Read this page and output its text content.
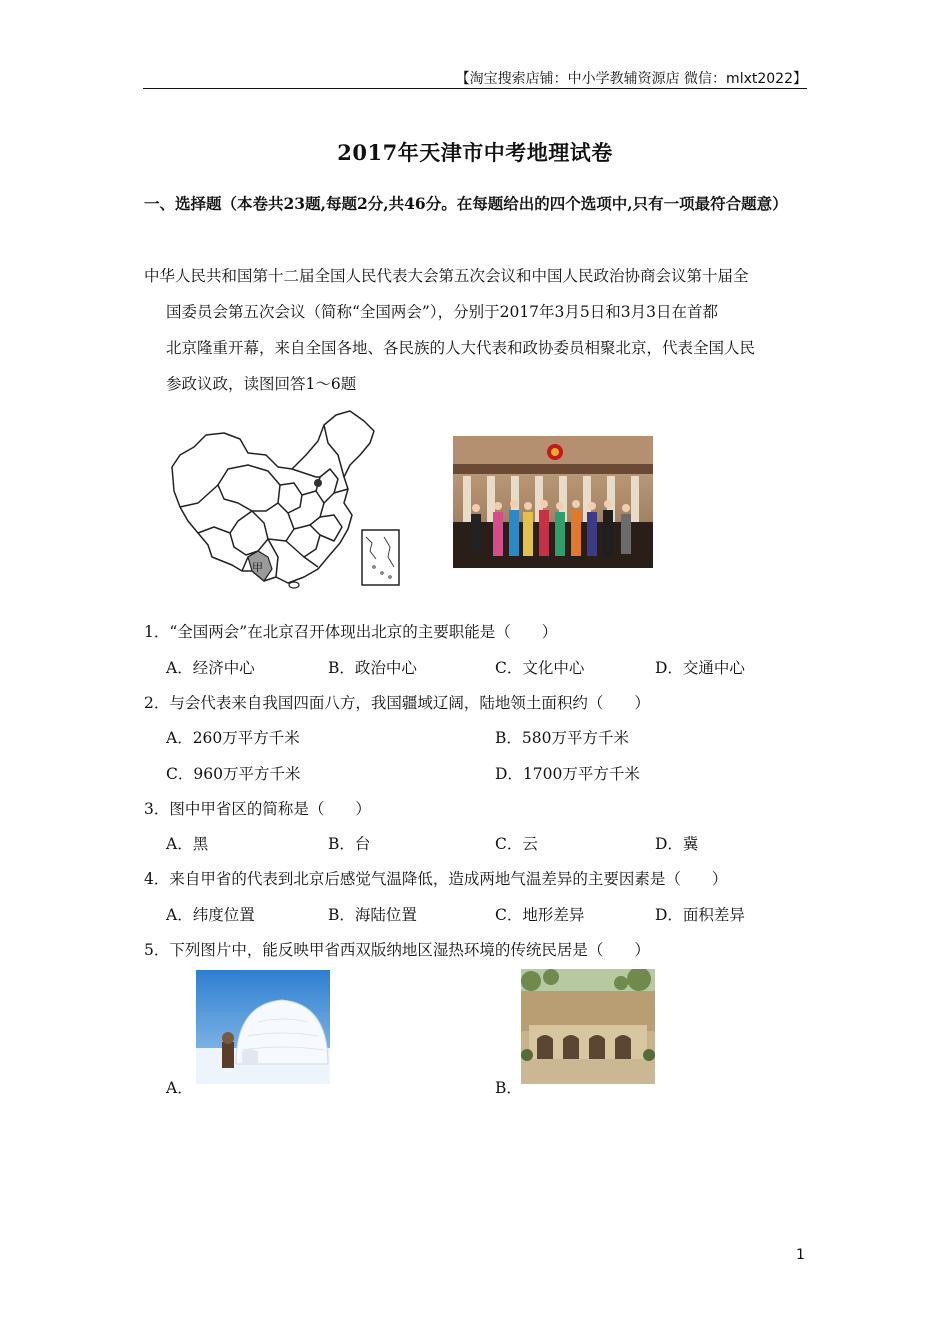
【淘宝搜索店铺：中小学教辅资源店 微信：mlxt2022】
2017年天津市中考地理试卷
一、选择题（本卷共23题,每题2分,共46分。在每题给出的四个选项中,只有一项最符合题意）

中华人民共和国第十二届全国人民代表大会第五次会议和中国人民政治协商会议第十届全

国委员会第五次会议（简称“全国两会”），分别于2017年3月5日和3月3日在首都

北京隆重开幕，来自全国各地、各民族的人大代表和政协委员相聚北京，代表全国人民

参政议政，读图回答1～6题

甲
1．“全国两会”在北京召开体现出北京的主要职能是（　　）
A．经济中心	B．政治中心	C．文化中心	D．交通中心
2．与会代表来自我国四面八方，我国疆域辽阔，陆地领土面积约（　　）
A．260万平方千米	B．580万平方千米
C．960万平方千米	D．1700万平方千米
3．图中甲省区的简称是（　　）
A．黑	B．台	C．云	D．冀
4．来自甲省的代表到北京后感觉气温降低，造成两地气温差异的主要因素是（　　）
A．纬度位置	B．海陆位置	C．地形差异	D．面积差异
5．下列图片中，能反映甲省西双版纳地区湿热环境的传统民居是（　　）
A．	B．
1
